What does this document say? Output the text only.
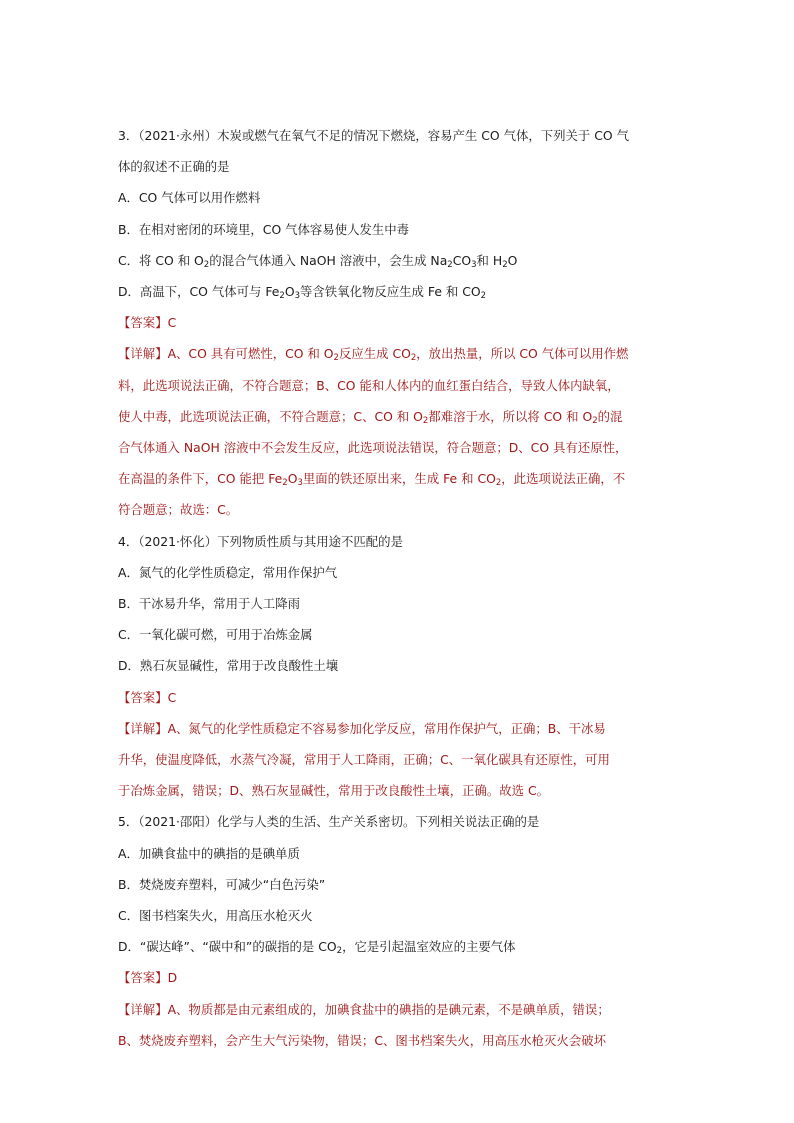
3．（2021·永州）木炭或燃气在氧气不足的情况下燃烧，容易产生 CO 气体，下列关于 CO 气
体的叙述不正确的是
A．CO 气体可以用作燃料
B．在相对密闭的环境里，CO 气体容易使人发生中毒
C．将 CO 和 $O_2$的混合气体通入 NaOH 溶液中，会生成 $Na_2CO_3$和 $H_2O$
D．高温下，CO 气体可与 $Fe_2O_3$等含铁氧化物反应生成 Fe 和 $CO_2$
【答案】C
【详解】A、CO 具有可燃性，CO 和 $O_2$反应生成 $CO_2$，放出热量，所以 CO 气体可以用作燃
料，此选项说法正确，不符合题意；B、CO 能和人体内的血红蛋白结合，导致人体内缺氧，
使人中毒，此选项说法正确，不符合题意；C、CO 和 $O_2$都难溶于水，所以将 CO 和 $O_2$的混
合气体通入 NaOH 溶液中不会发生反应，此选项说法错误，符合题意；D、CO 具有还原性，
在高温的条件下，CO 能把 $Fe_2O_3$里面的铁还原出来，生成 Fe 和 $CO_2$，此选项说法正确，不
符合题意；故选：C。
4．（2021·怀化）下列物质性质与其用途不匹配的是
A．氮气的化学性质稳定，常用作保护气
B．干冰易升华，常用于人工降雨
C．一氧化碳可燃，可用于冶炼金属
D．熟石灰显碱性，常用于改良酸性土壤
【答案】C
【详解】A、氮气的化学性质稳定不容易参加化学反应，常用作保护气，正确；B、干冰易
升华，使温度降低，水蒸气冷凝，常用于人工降雨，正确；C、一氧化碳具有还原性，可用
于冶炼金属，错误；D、熟石灰显碱性，常用于改良酸性土壤，正确。故选 C。
5．（2021·邵阳）化学与人类的生活、生产关系密切。下列相关说法正确的是
A．加碘食盐中的碘指的是碘单质
B．焚烧废弃塑料，可减少“白色污染”
C．图书档案失火，用高压水枪灭火
D．“碳达峰”、“碳中和”的碳指的是 $CO_2$，它是引起温室效应的主要气体
【答案】D
【详解】A、物质都是由元素组成的，加碘食盐中的碘指的是碘元素，不是碘单质，错误；
B、焚烧废弃塑料，会产生大气污染物，错误；C、图书档案失火，用高压水枪灭火会破坏
